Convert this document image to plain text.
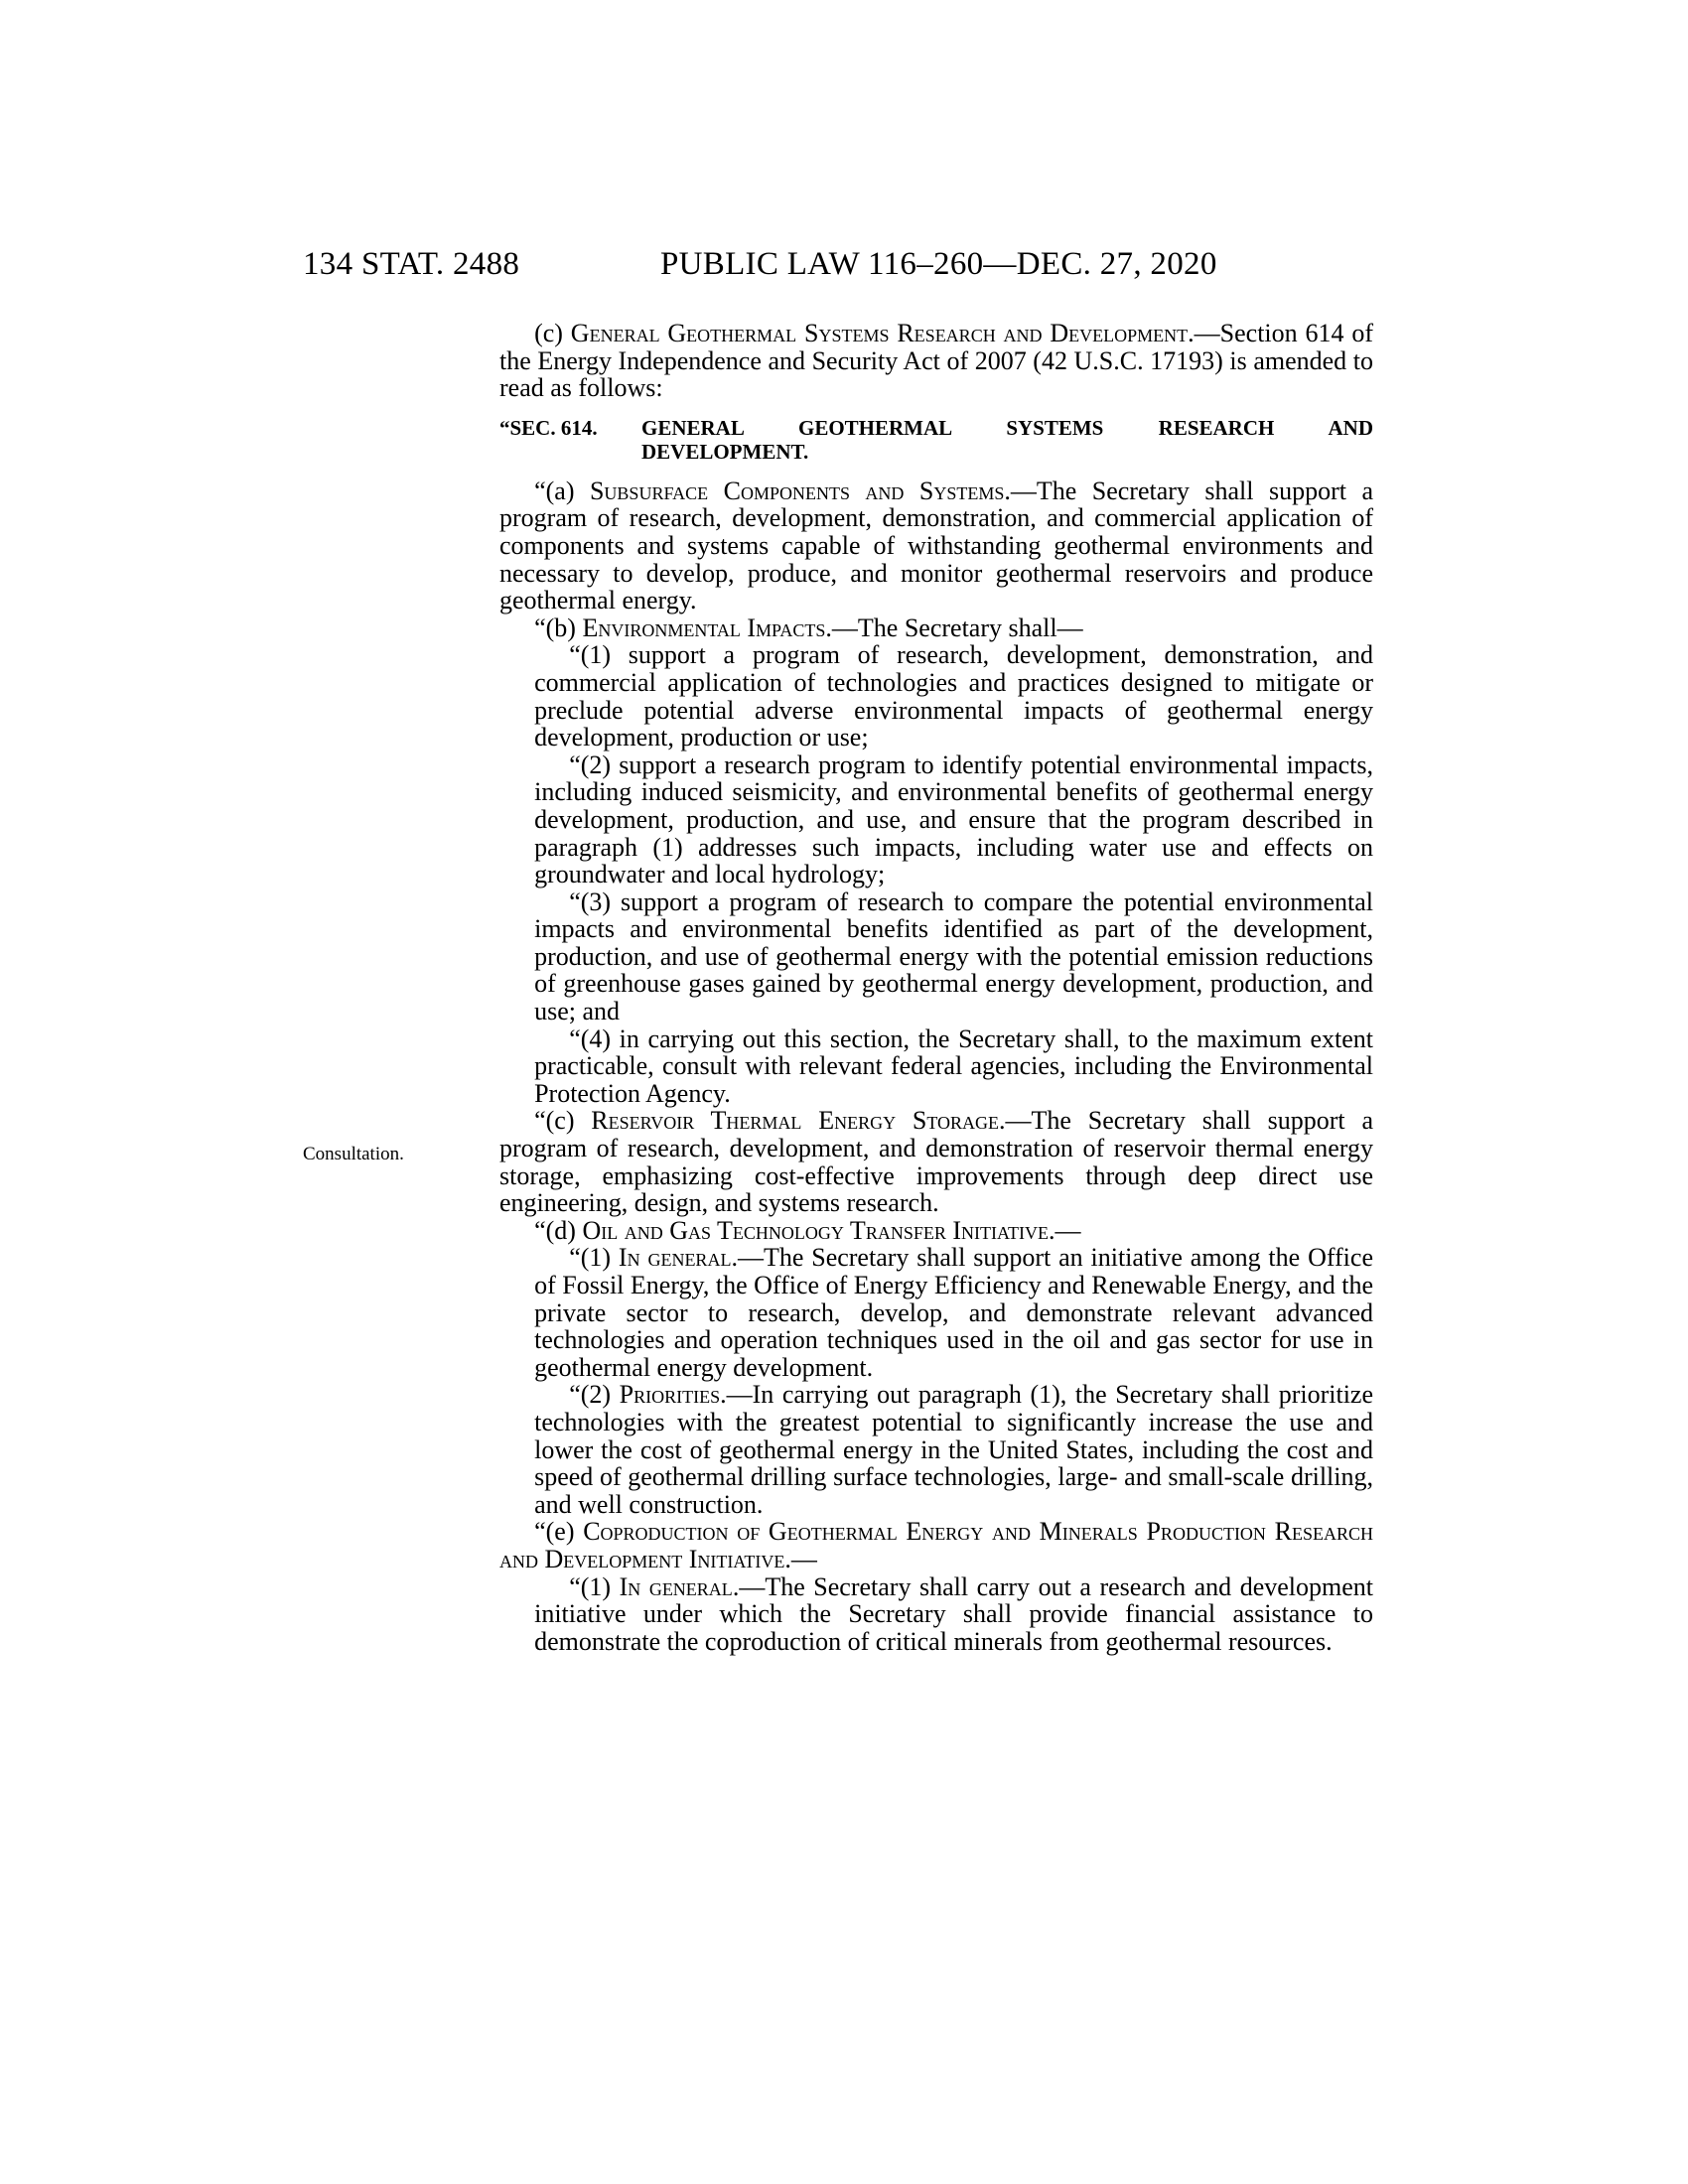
134 STAT. 2488	PUBLIC LAW 116–260—DEC. 27, 2020
Consultation.

(c) General Geothermal Systems Research and Development.—Section 614 of the Energy Independence and Security Act of 2007 (42 U.S.C. 17193) is amended to read as follows:

“SEC. 614. GENERAL GEOTHERMAL SYSTEMS RESEARCH AND
DEVELOPMENT.

“(a) Subsurface Components and Systems.—The Secretary shall support a program of research, development, demonstration, and commercial application of components and systems capable of withstanding geothermal environments and necessary to develop, produce, and monitor geothermal reservoirs and produce geothermal energy.

“(b) Environmental Impacts.—The Secretary shall—

“(1) support a program of research, development, demonstration, and commercial application of technologies and practices designed to mitigate or preclude potential adverse environmental impacts of geothermal energy development, production or use;

“(2) support a research program to identify potential environmental impacts, including induced seismicity, and environmental benefits of geothermal energy development, production, and use, and ensure that the program described in paragraph (1) addresses such impacts, including water use and effects on groundwater and local hydrology;

“(3) support a program of research to compare the potential environmental impacts and environmental benefits identified as part of the development, production, and use of geothermal energy with the potential emission reductions of greenhouse gases gained by geothermal energy development, production, and use; and

“(4) in carrying out this section, the Secretary shall, to the maximum extent practicable, consult with relevant federal agencies, including the Environmental Protection Agency.

“(c) Reservoir Thermal Energy Storage.—The Secretary shall support a program of research, development, and demonstration of reservoir thermal energy storage, emphasizing cost-effective improvements through deep direct use engineering, design, and systems research.

“(d) Oil and Gas Technology Transfer Initiative.—

“(1) In general.—The Secretary shall support an initiative among the Office of Fossil Energy, the Office of Energy Efficiency and Renewable Energy, and the private sector to research, develop, and demonstrate relevant advanced technologies and operation techniques used in the oil and gas sector for use in geothermal energy development.

“(2) Priorities.—In carrying out paragraph (1), the Secretary shall prioritize technologies with the greatest potential to significantly increase the use and lower the cost of geothermal energy in the United States, including the cost and speed of geothermal drilling surface technologies, large- and small-scale drilling, and well construction.

“(e) Coproduction of Geothermal Energy and Minerals Production Research and Development Initiative.—

“(1) In general.—The Secretary shall carry out a research and development initiative under which the Secretary shall provide financial assistance to demonstrate the coproduction of critical minerals from geothermal resources.
